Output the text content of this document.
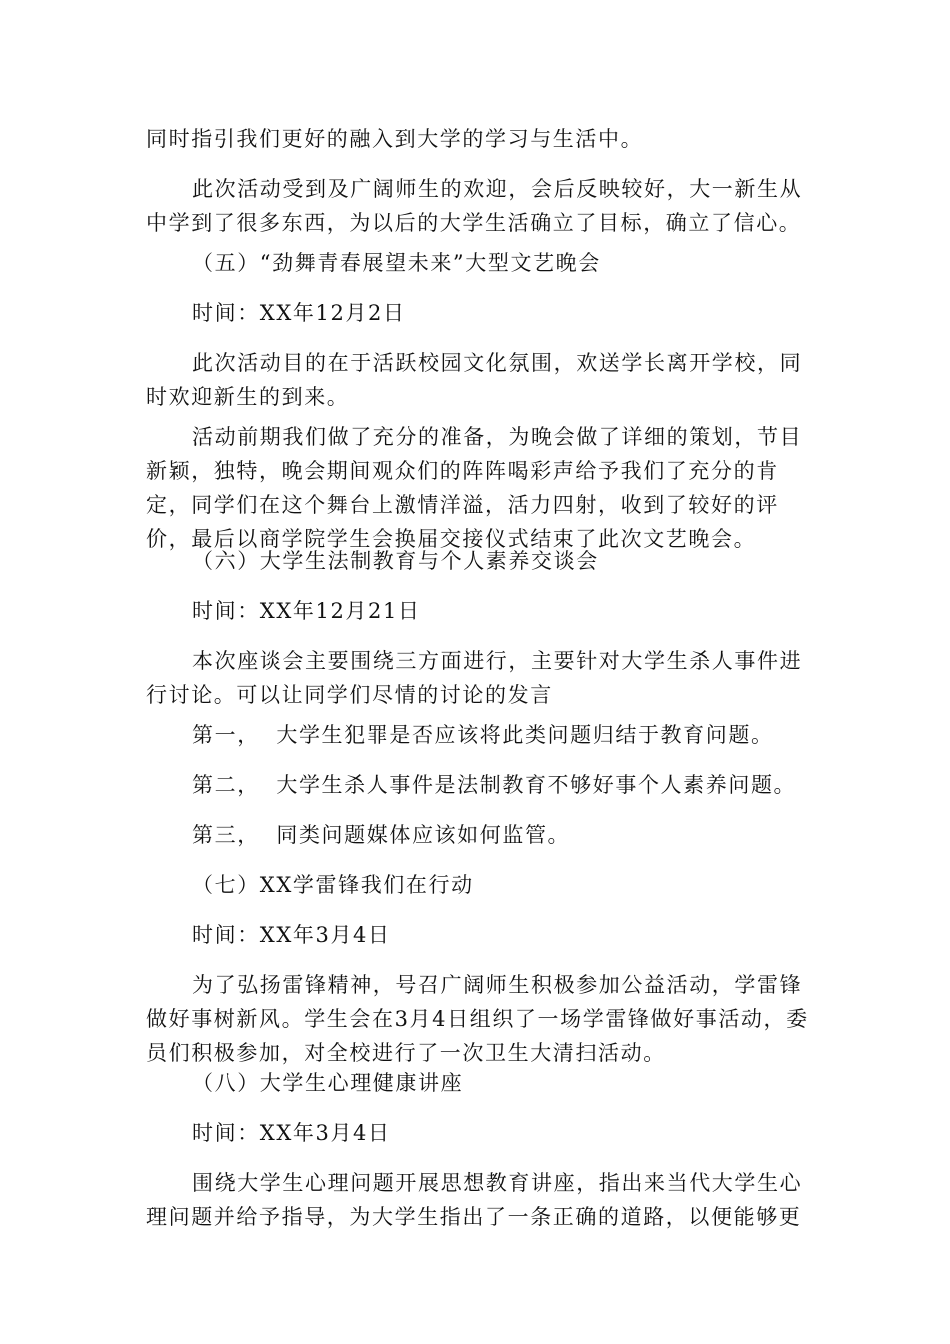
同时指引我们更好的融入到大学的学习与生活中。

此次活动受到及广阔师生的欢迎，会后反映较好，大一新生从中学到了很多东西，为以后的大学生活确立了目标，确立了信心。

（五）“劲舞青春展望未来”大型文艺晚会

时间：XX年12月2日

此次活动目的在于活跃校园文化氛围，欢送学长离开学校，同时欢迎新生的到来。

活动前期我们做了充分的准备，为晚会做了详细的策划，节目新颖，独特，晚会期间观众们的阵阵喝彩声给予我们了充分的肯定，同学们在这个舞台上激情洋溢，活力四射，收到了较好的评价，最后以商学院学生会换届交接仪式结束了此次文艺晚会。

（六）大学生法制教育与个人素养交谈会

时间：XX年12月21日

本次座谈会主要围绕三方面进行，主要针对大学生杀人事件进行讨论。可以让同学们尽情的讨论的发言

第一，  大学生犯罪是否应该将此类问题归结于教育问题。

第二，  大学生杀人事件是法制教育不够好事个人素养问题。

第三，  同类问题媒体应该如何监管。

（七）XX学雷锋我们在行动

时间：XX年3月4日

为了弘扬雷锋精神，号召广阔师生积极参加公益活动，学雷锋做好事树新风。学生会在3月4日组织了一场学雷锋做好事活动，委员们积极参加，对全校进行了一次卫生大清扫活动。

（八）大学生心理健康讲座

时间：XX年3月4日

围绕大学生心理问题开展思想教育讲座，指出来当代大学生心理问题并给予指导，为大学生指出了一条正确的道路，以便能够更
